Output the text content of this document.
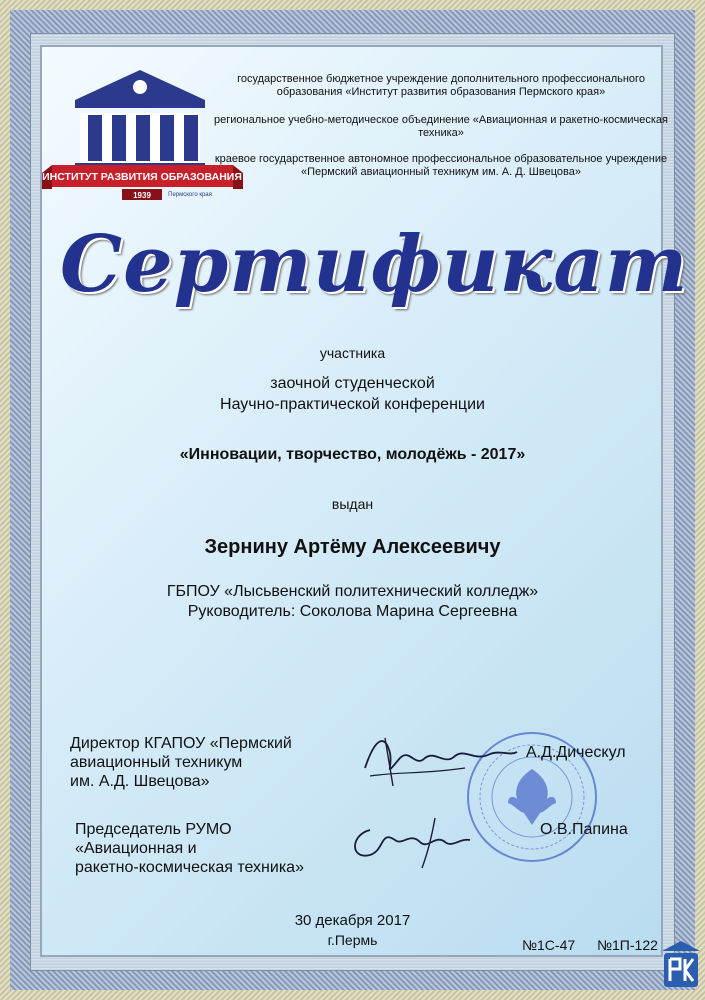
ИНСТИТУТ РАЗВИТИЯ ОБРАЗОВАНИЯ
Пермского края
1939
государственное бюджетное учреждение дополнительного профессионального образования «Институт развития образования Пермского края»
региональное учебно-методическое объединение «Авиационная и ракетно-космическая техника»
краевое государственное автономное профессиональное образовательное учреждение «Пермский авиационный техникум им. А. Д. Швецова»
Сертификат
участника
заочной студенческой
Научно-практической конференции
«Инновации, творчество, молодёжь - 2017»
выдан
Зернину Артёму Алексеевичу
ГБПОУ «Лысьвенский политехнический колледж»
Руководитель: Соколова Марина Сергеевна
Директор КГАПОУ «Пермский
авиационный техникум
им. А.Д. Швецова»
А.Д.Дическул
Председатель РУМО
«Авиационная и
ракетно-космическая техника»
О.В.Папина
30 декабря 2017
г.Пермь	№1С-47 №1П-122
